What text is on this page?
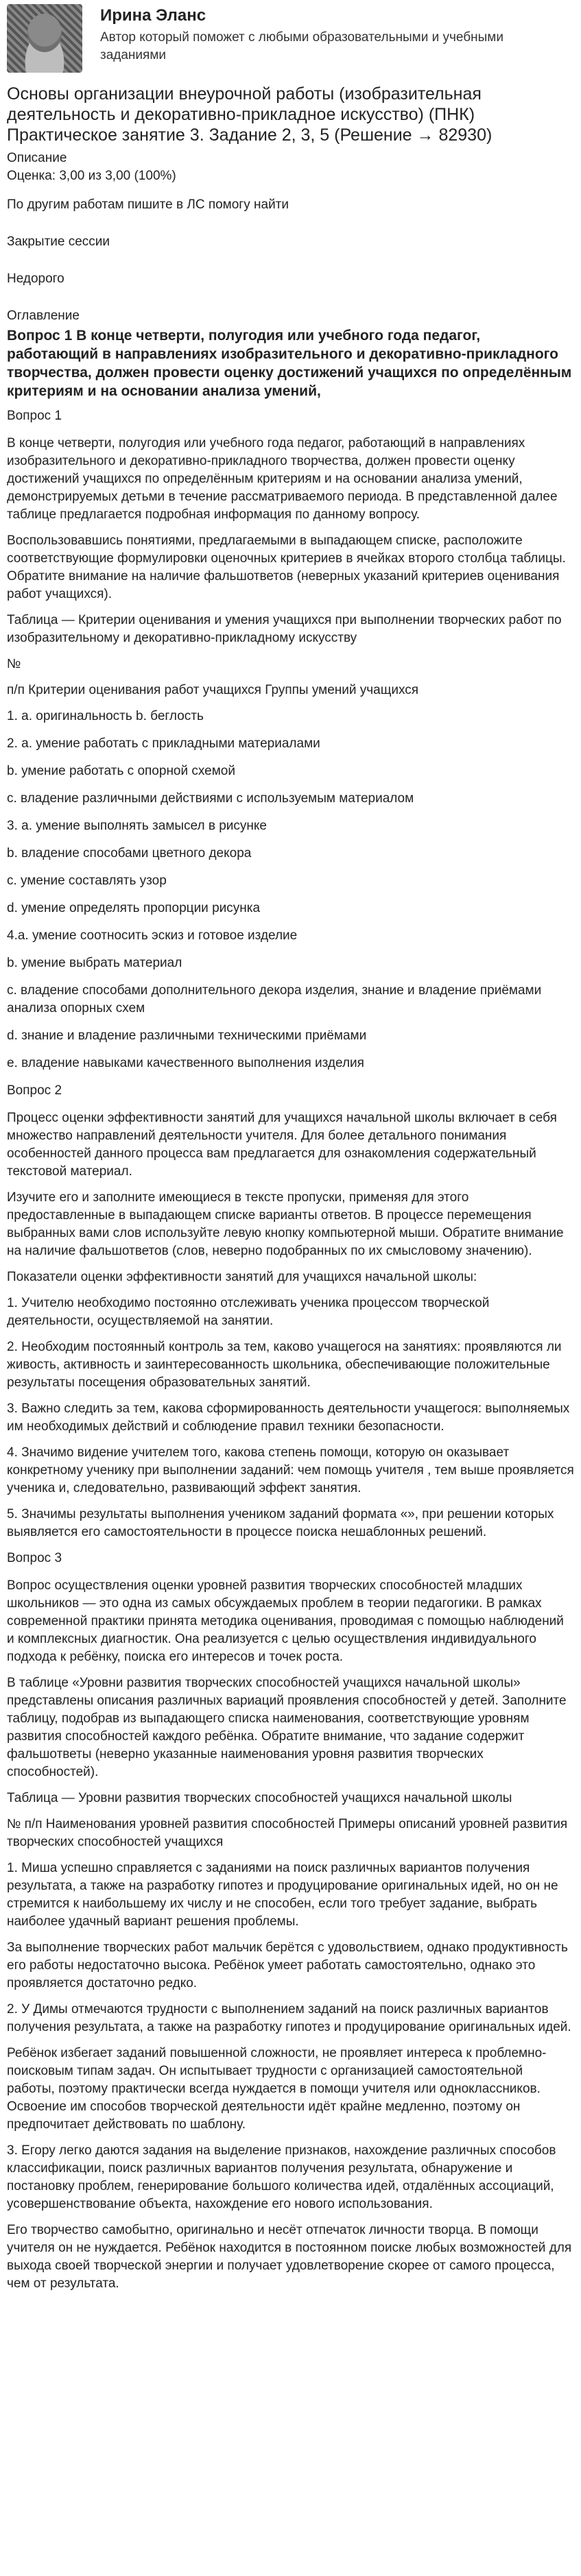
Ирина Эланс
Автор который поможет с любыми образовательными и учебными заданиями
Основы организации внеурочной работы (изобразительная деятельность и декоративно-прикладное искусство) (ПНК) Практическое занятие 3. Задание 2, 3, 5 (Решение → 82930)
Описание
Оценка: 3,00 из 3,00 (100%)

По другим работам пишите в ЛС помогу найти

Закрытие сессии

Недорого

Оглавление
Вопрос 1 В конце четверти, полугодия или учебного года педагог, работающий в направлениях изобразительного и декоративно-прикладного творчества, должен провести оценку достижений учащихся по определённым критериям и на основании анализа умений,

Вопрос 1

В конце четверти, полугодия или учебного года педагог, работающий в направлениях изобразительного и декоративно-прикладного творчества, должен провести оценку достижений учащихся по определённым критериям и на основании анализа умений, демонстрируемых детьми в течение рассматриваемого периода. В представленной далее таблице предлагается подробная информация по данному вопросу.

Воспользовавшись понятиями, предлагаемыми в выпадающем списке, расположите соответствующие формулировки оценочных критериев в ячейках второго столбца таблицы. Обратите внимание на наличие фальшответов (неверных указаний критериев оценивания работ учащихся).

Таблица — Критерии оценивания и умения учащихся при выполнении творческих работ по изобразительному и декоративно-прикладному искусству

№

п/п Критерии оценивания работ учащихся Группы умений учащихся

1. а. оригинальность b. беглость

2. а. умение работать с прикладными материалами

b. умение работать с опорной схемой

c. владение различными действиями с используемым материалом

3. а. умение выполнять замысел в рисунке

b. владение способами цветного декора

c. умение составлять узор

d. умение определять пропорции рисунка

4.а. умение соотносить эскиз и готовое изделие

b. умение выбрать материал

c. владение способами дополнительного декора изделия, знание и владение приёмами анализа опорных схем

d. знание и владение различными техническими приёмами

e. владение навыками качественного выполнения изделия

Вопрос 2

Процесс оценки эффективности занятий для учащихся начальной школы включает в себя множество направлений деятельности учителя. Для более детального понимания особенностей данного процесса вам предлагается для ознакомления содержательный текстовой материал.

Изучите его и заполните имеющиеся в тексте пропуски, применяя для этого предоставленные в выпадающем списке варианты ответов. В процессе перемещения выбранных вами слов используйте левую кнопку компьютерной мыши. Обратите внимание на наличие фальшответов (слов, неверно подобранных по их смысловому значению).

Показатели оценки эффективности занятий для учащихся начальной школы:

1. Учителю необходимо постоянно отслеживать ученика процессом творческой деятельности, осуществляемой на занятии.

2. Необходим постоянный контроль за тем, каково учащегося на занятиях: проявляются ли живость, активность и заинтересованность школьника, обеспечивающие положительные результаты посещения образовательных занятий.

3. Важно следить за тем, какова сформированность деятельности учащегося: выполняемых им необходимых действий и соблюдение правил техники безопасности.

4. Значимо видение учителем того, какова степень помощи, которую он оказывает конкретному ученику при выполнении заданий: чем помощь учителя , тем выше проявляется ученика и, следовательно, развивающий эффект занятия.

5. Значимы результаты выполнения учеником заданий формата «», при решении которых выявляется его самостоятельности в процессе поиска нешаблонных решений.

Вопрос 3

Вопрос осуществления оценки уровней развития творческих способностей младших школьников — это одна из самых обсуждаемых проблем в теории педагогики. В рамках современной практики принята методика оценивания, проводимая с помощью наблюдений и комплексных диагностик. Она реализуется с целью осуществления индивидуального подхода к ребёнку, поиска его интересов и точек роста.

В таблице «Уровни развития творческих способностей учащихся начальной школы» представлены описания различных вариаций проявления способностей у детей. Заполните таблицу, подобрав из выпадающего списка наименования, соответствующие уровням развития способностей каждого ребёнка. Обратите внимание, что задание содержит фальшответы (неверно указанные наименования уровня развития творческих способностей).

Таблица — Уровни развития творческих способностей учащихся начальной школы

№ п/п Наименования уровней развития способностей Примеры описаний уровней развития творческих способностей учащихся

1. Миша успешно справляется с заданиями на поиск различных вариантов получения результата, а также на разработку гипотез и продуцирование оригинальных идей, но он не стремится к наибольшему их числу и не способен, если того требует задание, выбрать наиболее удачный вариант решения проблемы.

За выполнение творческих работ мальчик берётся с удовольствием, однако продуктивность его работы недостаточно высока. Ребёнок умеет работать самостоятельно, однако это проявляется достаточно редко.

2. У Димы отмечаются трудности с выполнением заданий на поиск различных вариантов получения результата, а также на разработку гипотез и продуцирование оригинальных идей.

Ребёнок избегает заданий повышенной сложности, не проявляет интереса к проблемно-поисковым типам задач. Он испытывает трудности с организацией самостоятельной работы, поэтому практически всегда нуждается в помощи учителя или одноклассников. Освоение им способов творческой деятельности идёт крайне медленно, поэтому он предпочитает действовать по шаблону.

3. Егору легко даются задания на выделение признаков, нахождение различных способов классификации, поиск различных вариантов получения результата, обнаружение и постановку проблем, генерирование большого количества идей, отдалённых ассоциаций, усовершенствование объекта, нахождение его нового использования.

Его творчество самобытно, оригинально и несёт отпечаток личности творца. В помощи учителя он не нуждается. Ребёнок находится в постоянном поиске любых возможностей для выхода своей творческой энергии и получает удовлетворение скорее от самого процесса, чем от результата.
